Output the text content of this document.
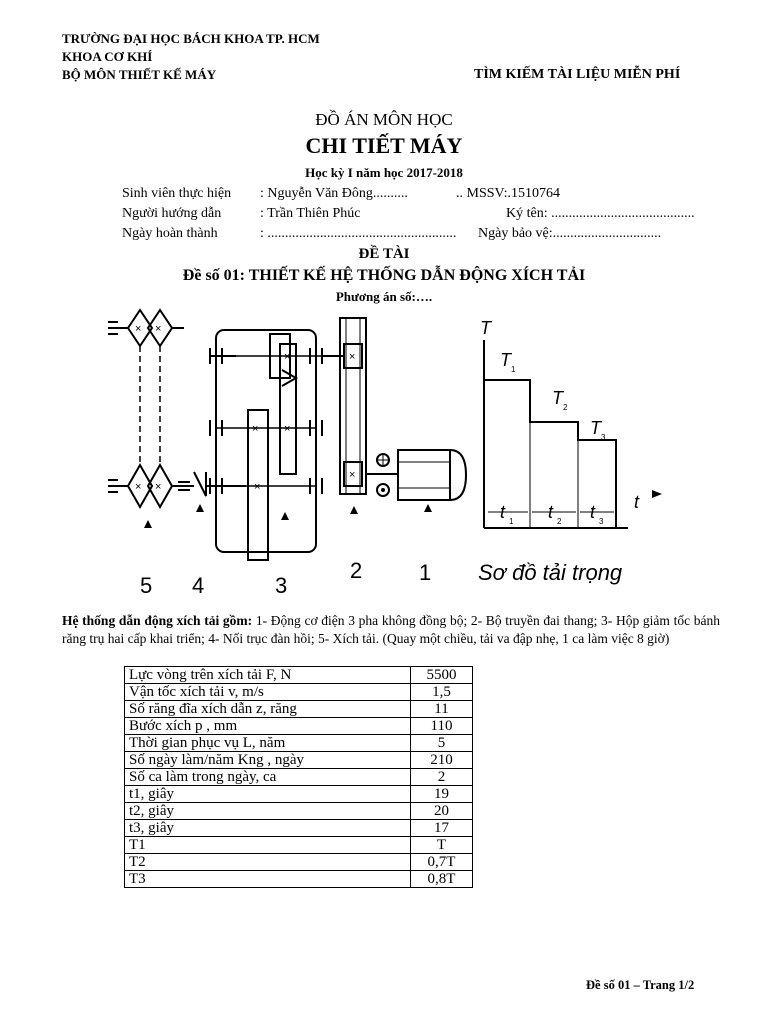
TRƯỜNG ĐẠI HỌC BÁCH KHOA TP. HCM
KHOA CƠ KHÍ
BỘ MÔN THIẾT KẾ MÁY	TÌM KIẾM TÀI LIỆU MIỄN PHÍ
ĐỒ ÁN MÔN HỌC
CHI TIẾT MÁY
Học kỳ I năm học 2017-2018
Sinh viên thực hiện : Nguyễn Văn Đông..........	.. MSSV:.1510764
Người hướng dẫn	: Trần Thiên Phúc	Ký tên: .........................................
Ngày hoàn thành	: ...................................................... Ngày bảo vệ:...............................
ĐỀ TÀI
Đề số 01: THIẾT KẾ HỆ THỐNG DẪN ĐỘNG XÍCH TẢI
Phương án số:….
× ×
× ×
×
×
×
×
×
×
5 4	3
2	1
T
t
T
T
T
t t t
1
2
3
1	2	3
Sơ đồ tải trọng
Hệ thống dẫn động xích tải gồm: 1- Động cơ điện 3 pha không đồng bộ; 2- Bộ truyền đai thang; 3- Hộp giảm tốc bánh răng trụ hai cấp khai triển; 4- Nối trục đàn hồi; 5- Xích tải. (Quay một chiều, tải va đập nhẹ, 1 ca làm việc 8 giờ)
Lực vòng trên xích tải F, N	5500
Vận tốc xích tải v, m/s	1,5
Số răng đĩa xích dẫn z, răng	11
Bước xích p , mm	110
Thời gian phục vụ L, năm	5
Số ngày làm/năm Kng , ngày	210
Số ca làm trong ngày, ca	2
t1, giây	19
t2, giây	20
t3, giây	17
T1	T
T2	0,7T
T3	0,8T
Đề số 01 – Trang 1/2
